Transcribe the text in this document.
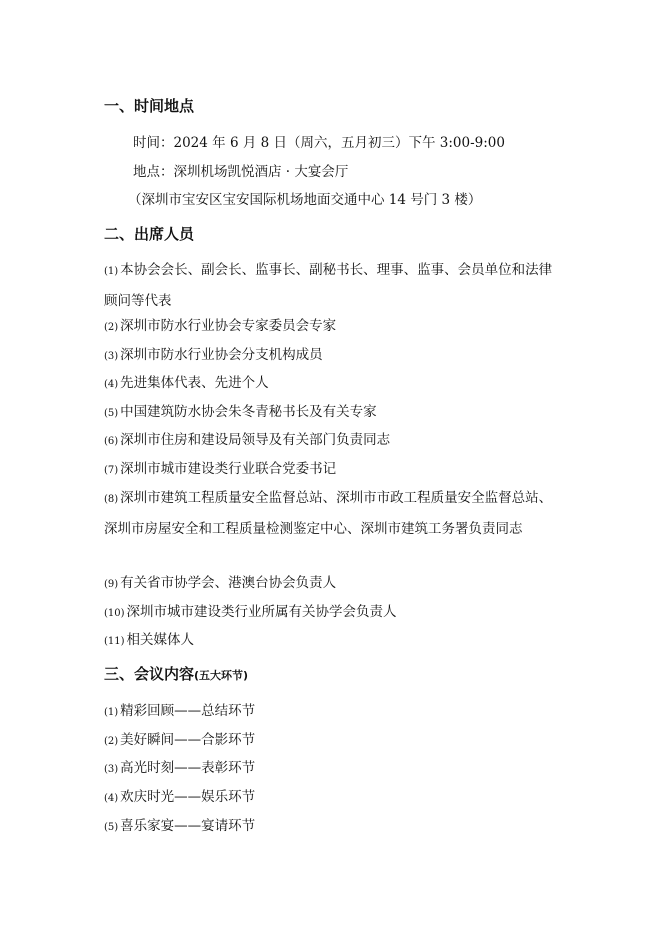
一、时间地点
时间：2024 年 6 月 8 日（周六，五月初三）下午 3:00-9:00
地点：深圳机场凯悦酒店 · 大宴会厅
（深圳市宝安区宝安国际机场地面交通中心 14 号门 3 楼）
二、出席人员
(1) 本协会会长、副会长、监事长、副秘书长、理事、监事、会员单位和法律顾问等代表
(2) 深圳市防水行业协会专家委员会专家
(3) 深圳市防水行业协会分支机构成员
(4) 先进集体代表、先进个人
(5) 中国建筑防水协会朱冬青秘书长及有关专家
(6) 深圳市住房和建设局领导及有关部门负责同志
(7) 深圳市城市建设类行业联合党委书记
(8) 深圳市建筑工程质量安全监督总站、深圳市市政工程质量安全监督总站、深圳市房屋安全和工程质量检测鉴定中心、深圳市建筑工务署负责同志
(9) 有关省市协学会、港澳台协会负责人
(10) 深圳市城市建设类行业所属有关协学会负责人
(11) 相关媒体人
三、会议内容(五大环节)
(1) 精彩回顾——总结环节
(2) 美好瞬间——合影环节
(3) 高光时刻——表彰环节
(4) 欢庆时光——娱乐环节
(5) 喜乐家宴——宴请环节
